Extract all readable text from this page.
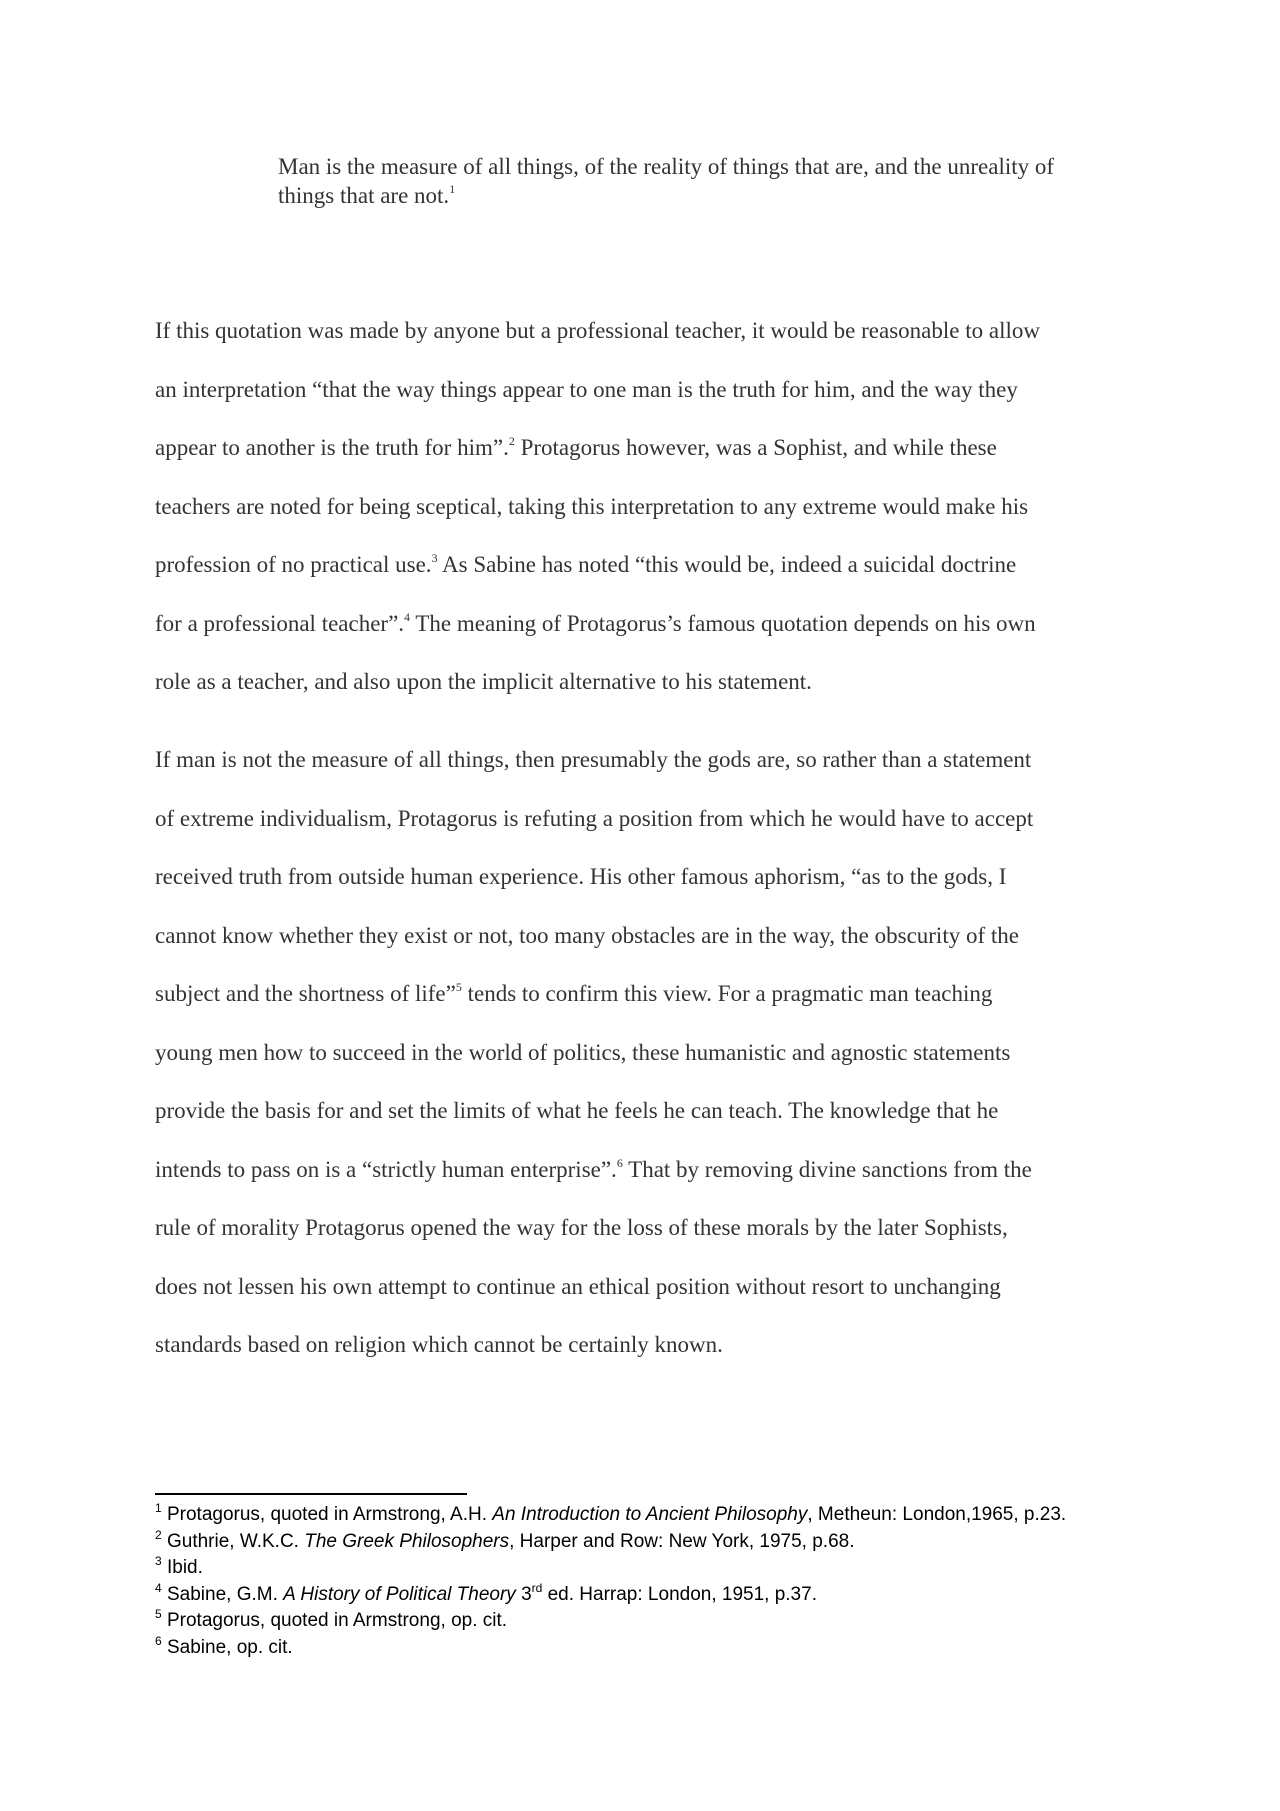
Man is the measure of all things, of the reality of things that are, and the unreality of
things that are not.$^1$
If this quotation was made by anyone but a professional teacher, it would be reasonable to allow
an interpretation “that the way things appear to one man is the truth for him, and the way they
appear to another is the truth for him”.$^2$ Protagorus however, was a Sophist, and while these
teachers are noted for being sceptical, taking this interpretation to any extreme would make his
profession of no practical use.$^3$ As Sabine has noted “this would be, indeed a suicidal doctrine
for a professional teacher”.$^4$ The meaning of Protagorus’s famous quotation depends on his own
role as a teacher, and also upon the implicit alternative to his statement.
If man is not the measure of all things, then presumably the gods are, so rather than a statement
of extreme individualism, Protagorus is refuting a position from which he would have to accept
received truth from outside human experience. His other famous aphorism, “as to the gods, I
cannot know whether they exist or not, too many obstacles are in the way, the obscurity of the
subject and the shortness of life”$^5$ tends to confirm this view. For a pragmatic man teaching
young men how to succeed in the world of politics, these humanistic and agnostic statements
provide the basis for and set the limits of what he feels he can teach. The knowledge that he
intends to pass on is a “strictly human enterprise”.$^6$ That by removing divine sanctions from the
rule of morality Protagorus opened the way for the loss of these morals by the later Sophists,
does not lessen his own attempt to continue an ethical position without resort to unchanging
standards based on religion which cannot be certainly known.
$^1$ Protagorus, quoted in Armstrong, A.H. An Introduction to Ancient Philosophy, Metheun: London,1965, p.23.
$^2$ Guthrie, W.K.C. The Greek Philosophers, Harper and Row: New York, 1975, p.68.
$^3$ Ibid.
$^4$ Sabine, G.M. A History of Political Theory 3rd ed. Harrap: London, 1951, p.37.
$^5$ Protagorus, quoted in Armstrong, op. cit.
$^6$ Sabine, op. cit.
